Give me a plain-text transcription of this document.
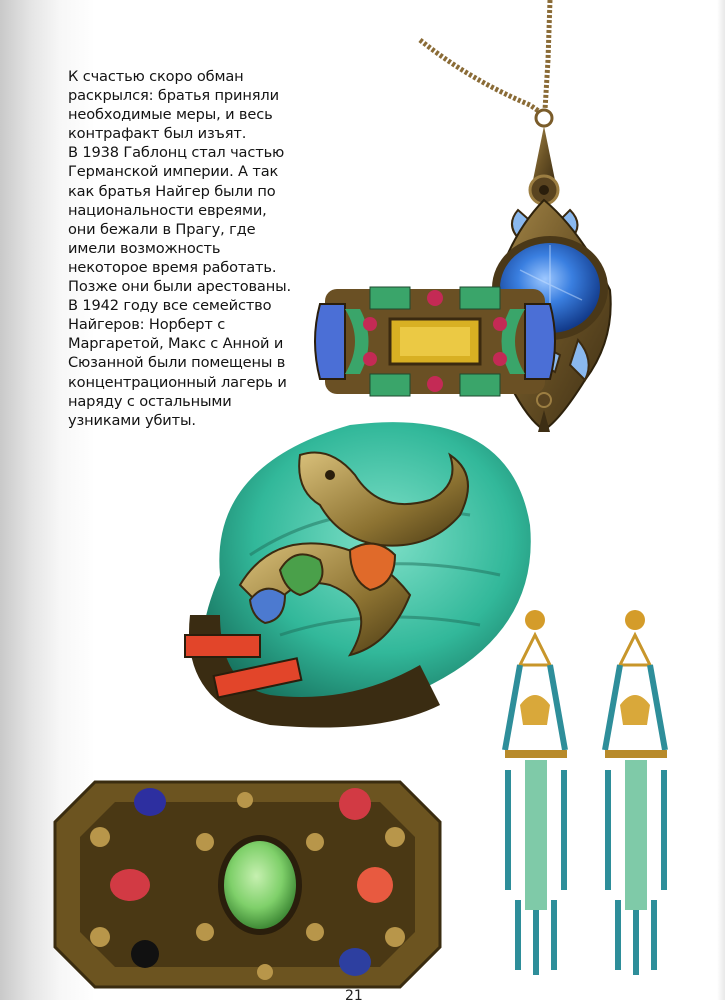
К счастью скоро обман
раскрылся: братья приняли
необходимые меры, и весь
контрафакт был изъят.
В 1938 Габлонц стал частью
Германской империи. А так
как братья Найгер были по
национальности евреями,
они бежали в Прагу, где
имели возможность
некоторое время работать.
Позже они были арестованы.
В 1942 году все семейство
Найгеров: Норберт с
Маргаретой, Макс с Анной и
Сюзанной были помещены в
концентрационный лагерь и
наряду с остальными
узниками убиты.

21
